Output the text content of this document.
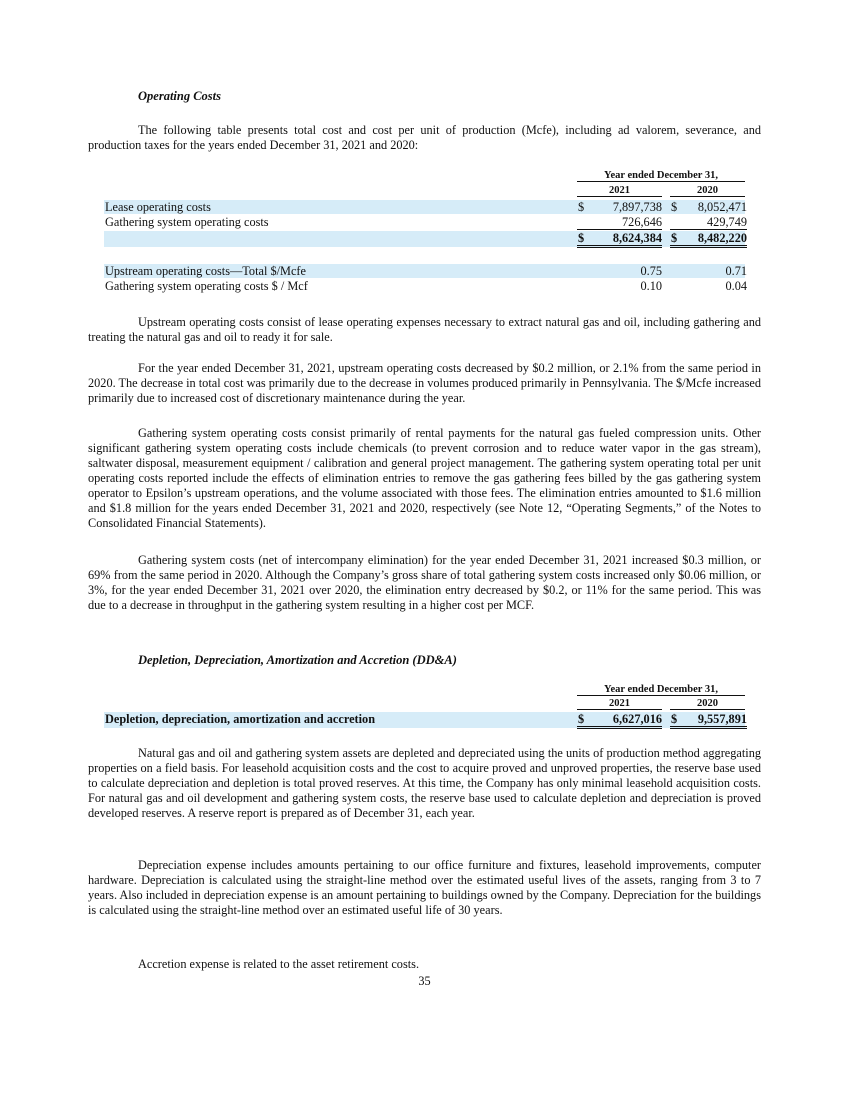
Operating Costs
The following table presents total cost and cost per unit of production (Mcfe), including ad valorem, severance, and production taxes for the years ended December 31, 2021 and 2020:
Year ended December 31,
2021	2020
Lease operating costs	$ 7,897,738 $ 8,052,471
Gathering system operating costs	726,646	429,749
$ 8,624,384 $ 8,482,220
Upstream operating costs—Total $/Mcfe	0.75	0.71
Gathering system operating costs $ / Mcf	0.10	0.04
Upstream operating costs consist of lease operating expenses necessary to extract natural gas and oil, including gathering and treating the natural gas and oil to ready it for sale.
For the year ended December 31, 2021, upstream operating costs decreased by $0.2 million, or 2.1% from the same period in 2020. The decrease in total cost was primarily due to the decrease in volumes produced primarily in Pennsylvania. The $/Mcfe increased primarily due to increased cost of discretionary maintenance during the year.
Gathering system operating costs consist primarily of rental payments for the natural gas fueled compression units. Other significant gathering system operating costs include chemicals (to prevent corrosion and to reduce water vapor in the gas stream), saltwater disposal, measurement equipment / calibration and general project management. The gathering system operating total per unit operating costs reported include the effects of elimination entries to remove the gas gathering fees billed by the gas gathering system operator to Epsilon’s upstream operations, and the volume associated with those fees. The elimination entries amounted to $1.6 million and $1.8 million for the years ended December 31, 2021 and 2020, respectively (see Note 12, “Operating Segments,” of the Notes to Consolidated Financial Statements).
Gathering system costs (net of intercompany elimination) for the year ended December 31, 2021 increased $0.3 million, or 69% from the same period in 2020. Although the Company’s gross share of total gathering system costs increased only $0.06 million, or 3%, for the year ended December 31, 2021 over 2020, the elimination entry decreased by $0.2, or 11% for the same period. This was due to a decrease in throughput in the gathering system resulting in a higher cost per MCF.
Depletion, Depreciation, Amortization and Accretion (DD&A)
Year ended December 31,
2021	2020
Depletion, depreciation, amortization and accretion	$ 6,627,016 $ 9,557,891
Natural gas and oil and gathering system assets are depleted and depreciated using the units of production method aggregating properties on a field basis. For leasehold acquisition costs and the cost to acquire proved and unproved properties, the reserve base used to calculate depreciation and depletion is total proved reserves. At this time, the Company has only minimal leasehold acquisition costs. For natural gas and oil development and gathering system costs, the reserve base used to calculate depletion and depreciation is proved developed reserves. A reserve report is prepared as of December 31, each year.
Depreciation expense includes amounts pertaining to our office furniture and fixtures, leasehold improvements, computer hardware. Depreciation is calculated using the straight-line method over the estimated useful lives of the assets, ranging from 3 to 7 years. Also included in depreciation expense is an amount pertaining to buildings owned by the Company. Depreciation for the buildings is calculated using the straight-line method over an estimated useful life of 30 years.
Accretion expense is related to the asset retirement costs.
35
